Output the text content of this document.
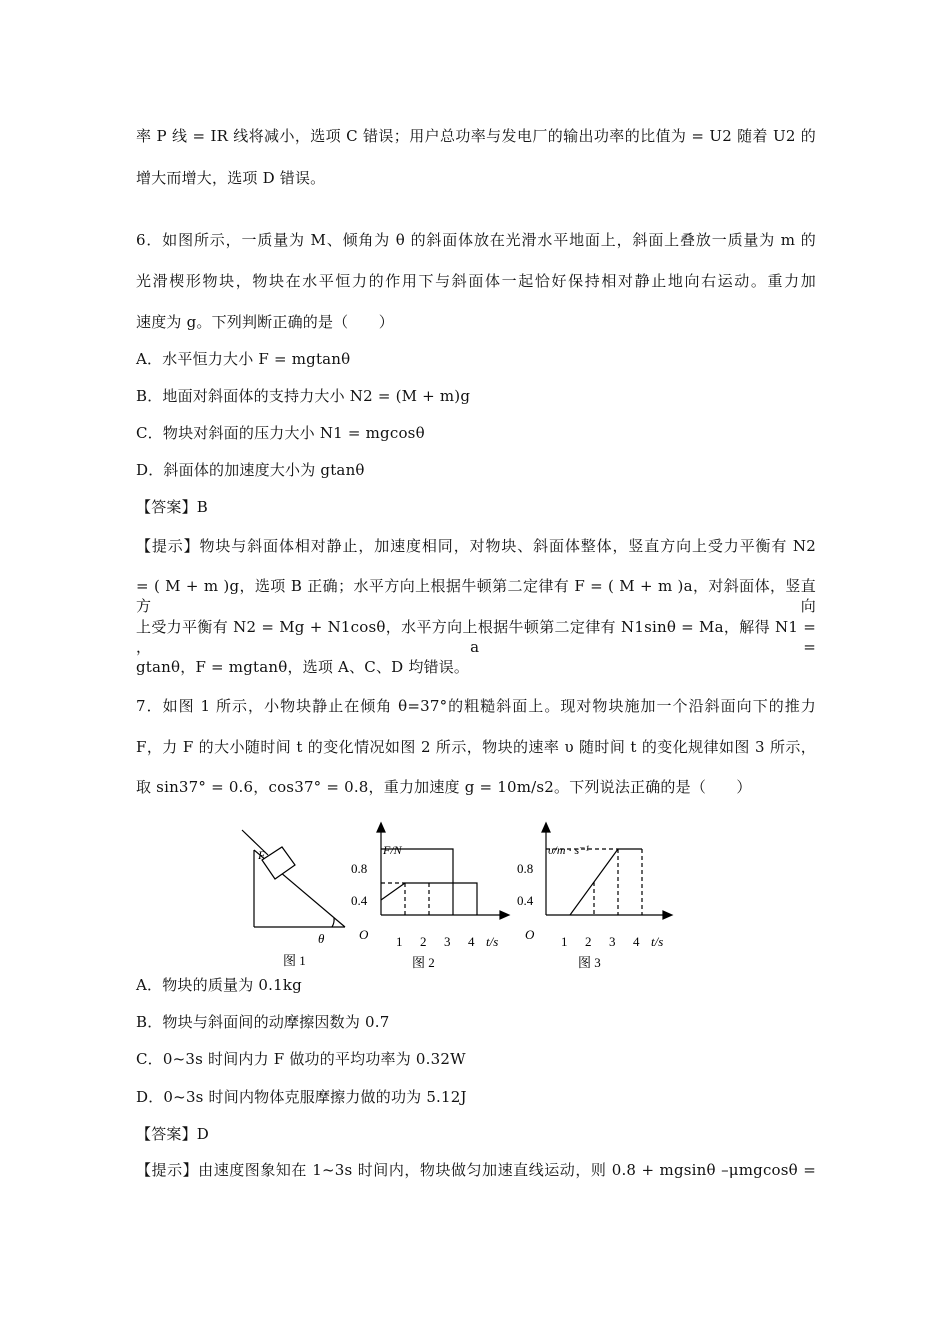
率 P 线 = IR 线将减小，选项 C 错误；用户总功率与发电厂的输出功率的比值为 = U2 随着 U2 的
增大而增大，选项 D 错误。
6．如图所示，一质量为 M、倾角为 θ 的斜面体放在光滑水平地面上，斜面上叠放一质量为 m 的
光滑楔形物块，物块在水平恒力的作用下与斜面体一起恰好保持相对静止地向右运动。重力加
速度为 g。下列判断正确的是（　　）
A．水平恒力大小 F = mgtanθ
B．地面对斜面体的支持力大小 N2 = (M + m)g
C．物块对斜面的压力大小 N1 = mgcosθ
D．斜面体的加速度大小为 gtanθ
【答案】B
【提示】物块与斜面体相对静止，加速度相同，对物块、斜面体整体，竖直方向上受力平衡有 N2
= ( M + m )g，选项 B 正确；水平方向上根据牛顿第二定律有 F = ( M + m )a，对斜面体，竖直方向
上受力平衡有 N2 = Mg + N1cosθ，水平方向上根据牛顿第二定律有 N1sinθ = Ma，解得 N1 = ，a =
gtanθ，F = mgtanθ，选项 A、C、D 均错误。
7．如图 1 所示，小物块静止在倾角 θ=37°的粗糙斜面上。现对物块施加一个沿斜面向下的推力
F，力 F 的大小随时间 t 的变化情况如图 2 所示，物块的速率 υ 随时间 t 的变化规律如图 3 所示，
取 sin37° = 0.6，cos37° = 0.8，重力加速度 g = 10m/s2。下列说法正确的是（　　）
F
θ
图 1
F/N
0.8
0.4
O 1 2 3 4 t/s
图 2
υ/m · s⁻¹
0.8
0.4
O 1 2 3 4 t/s
图 3
A．物块的质量为 0.1kg
B．物块与斜面间的动摩擦因数为 0.7
C．0~3s 时间内力 F 做功的平均功率为 0.32W
D．0~3s 时间内物体克服摩擦力做的功为 5.12J
【答案】D
【提示】由速度图象知在 1~3s 时间内，物块做匀加速直线运动，则 0.8 + mgsinθ –μmgcosθ =
